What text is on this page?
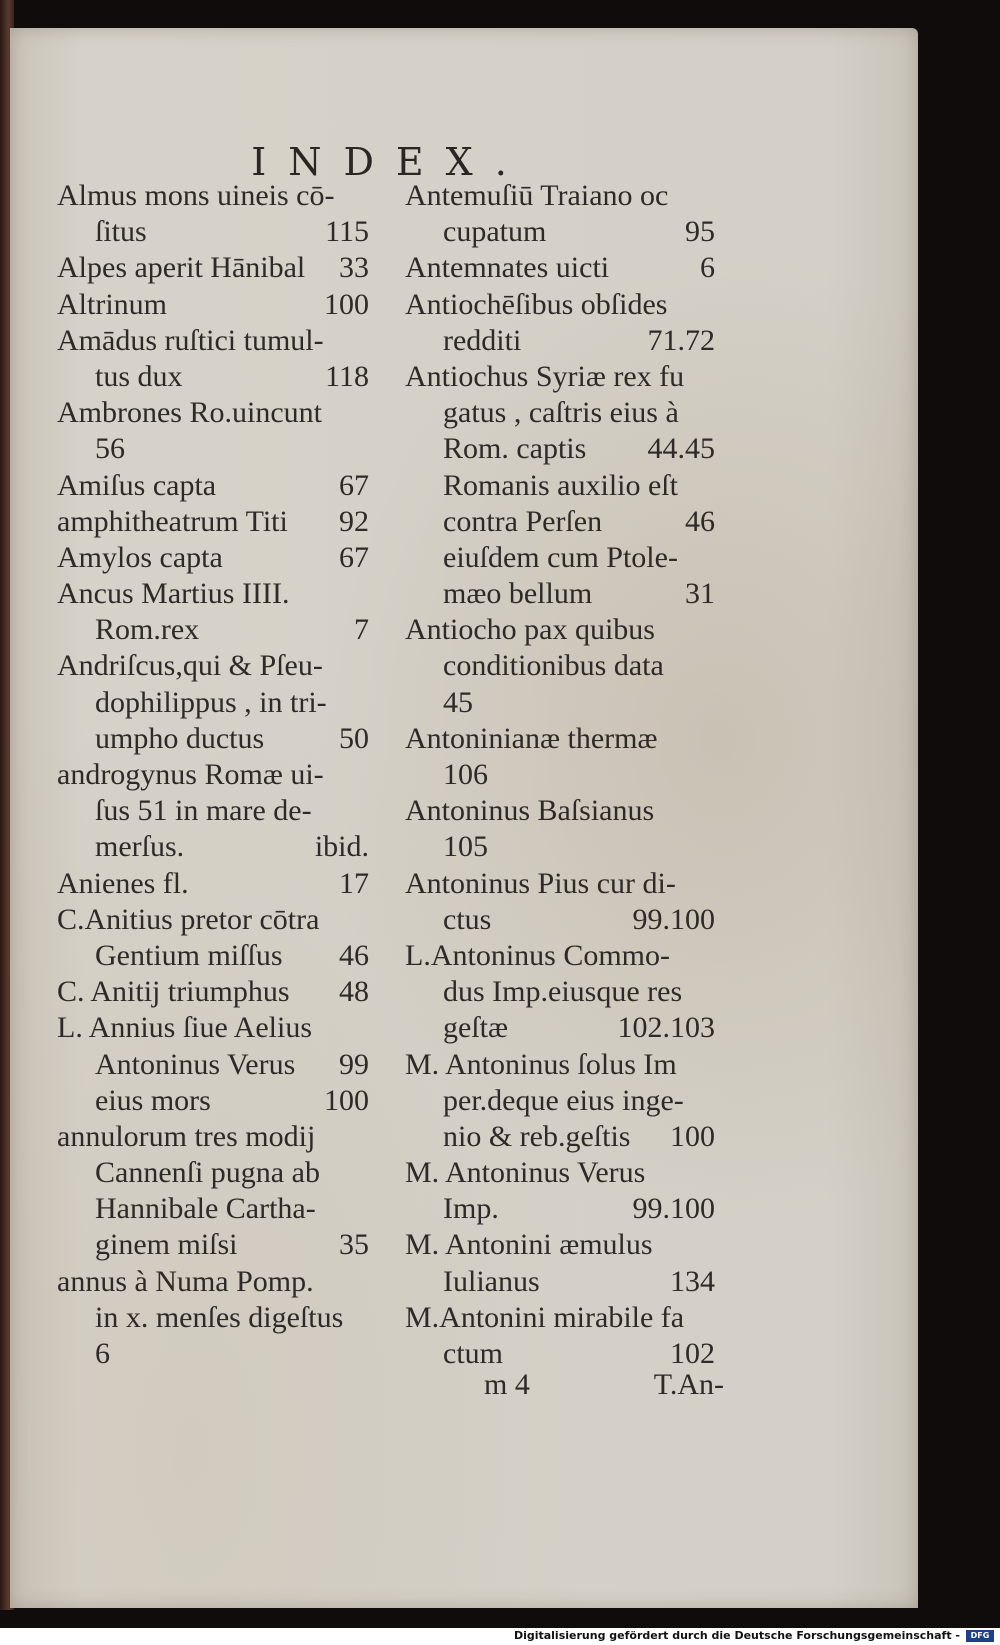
INDEX.
Almus mons uineis cō-
ſitus	115
Alpes aperit Hānibal 33
Altrinum	100
Amādus ruſtici tumul-
tus dux	118
Ambrones Ro.uincunt
56
Amiſus capta	67
amphitheatrum Titi 92
Amylos capta	67
Ancus Martius IIII.
Rom.rex	7
Andriſcus,qui & Pſeu-
dophilippus , in tri-
umpho ductus 50
androgynus Romæ ui-
ſus 51 in mare de-
merſus.	ibid.
Anienes fl.	17
C.Anitius pretor cōtra
Gentium miſſus 46
C. Anitij triumphus 48
L. Annius ſiue Aelius
Antoninus Verus 99
eius mors	100
annulorum tres modij
Cannenſi pugna ab
Hannibale Cartha-
ginem miſsi	35
annus à Numa Pomp.
in x. menſes digeſtus
6
Antemuſiū Traiano oc
cupatum	95
Antemnates uicti	6
Antiochēſibus obſides
redditi	71.72
Antiochus Syriæ rex fu
gatus , caſtris eius à
Rom. captis 44.45
Romanis auxilio eſt
contra Perſen	46
eiuſdem cum Ptole-
mæo bellum	31
Antiocho pax quibus
conditionibus data
45
Antoninianæ thermæ
106
Antoninus Baſsianus
105
Antoninus Pius cur di-
ctus	99.100
L.Antoninus Commo-
dus Imp.eiusque res
geſtæ	102.103
M. Antoninus ſolus Im
per.deque eius inge-
nio & reb.geſtis 100
M. Antoninus Verus
Imp.	99.100
M. Antonini æmulus
Iulianus	134
M.Antonini mirabile fa
ctum	102
m 4	T.An-
Digitalisierung gefördert durch die Deutsche Forschungsgemeinschaft -	DFG
